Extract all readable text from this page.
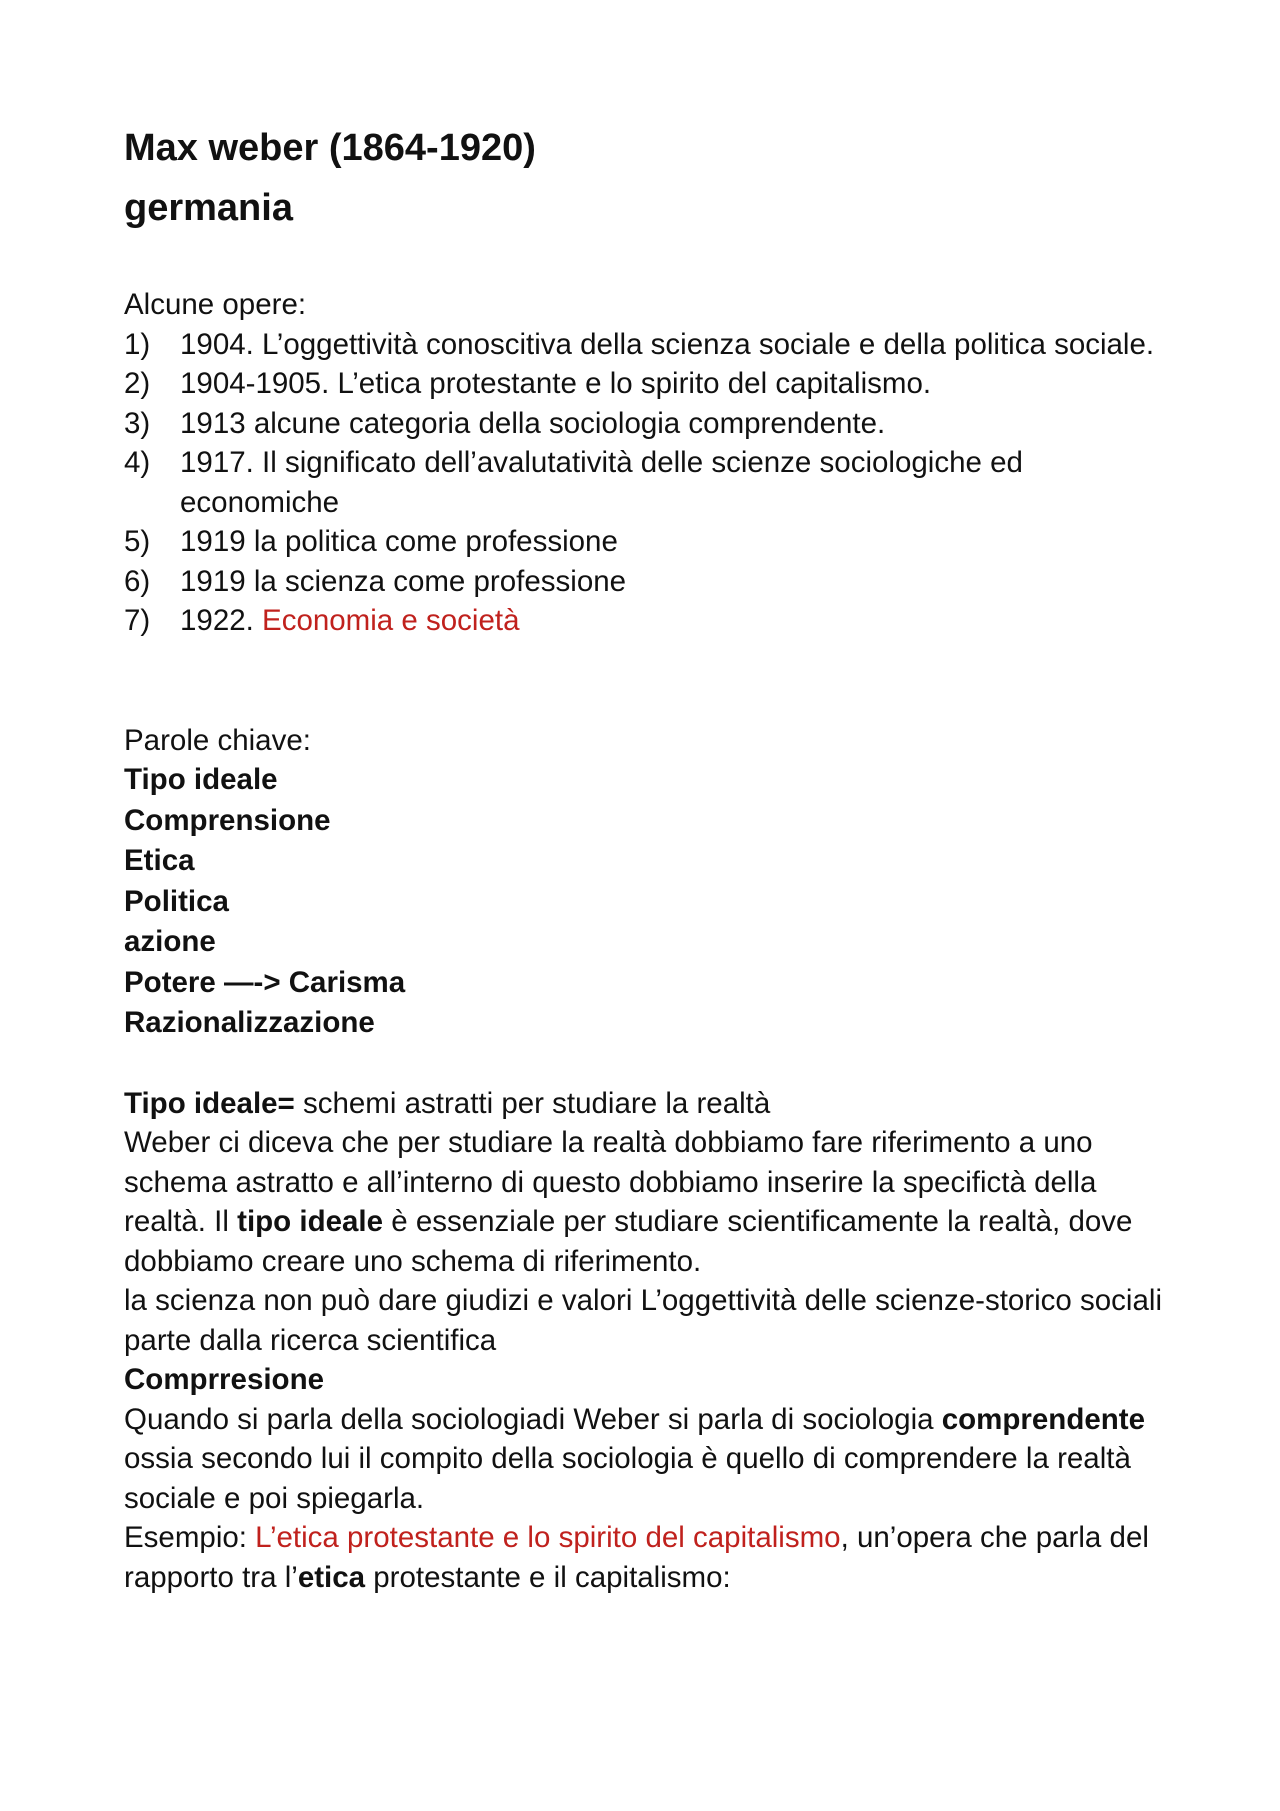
Max weber (1864-1920)
germania

Alcune opere:

1)	1904. L’oggettività conoscitiva della scienza sociale e della politica sociale.
2)	1904-1905. L’etica protestante e lo spirito del capitalismo.
3)	1913 alcune categoria della sociologia comprendente.
4)	1917. Il significato dell’avalutatività delle scienze sociologiche ed economiche
5)	1919 la politica come professione
6)	1919 la scienza come professione
7)	1922. Economia e società

Parole chiave:

Tipo ideale

Comprensione

Etica

Politica

azione

Potere —-> Carisma

Razionalizzazione

Tipo ideale= schemi astratti per studiare la realtà

Weber ci diceva che per studiare la realtà dobbiamo fare riferimento a uno schema astratto e all’interno di questo dobbiamo inserire la specifictà della realtà. Il tipo ideale è essenziale per studiare scientificamente la realtà, dove dobbiamo creare uno schema di riferimento.

la scienza non può dare giudizi e valori L’oggettività delle scienze-storico sociali parte dalla ricerca scientifica

Comprresione

Quando si parla della sociologiadi Weber si parla di sociologia comprendente ossia secondo lui il compito della sociologia è quello di comprendere la realtà sociale e poi spiegarla.

Esempio: L’etica protestante e lo spirito del capitalismo, un’opera che parla del rapporto tra l’etica protestante e il capitalismo:
